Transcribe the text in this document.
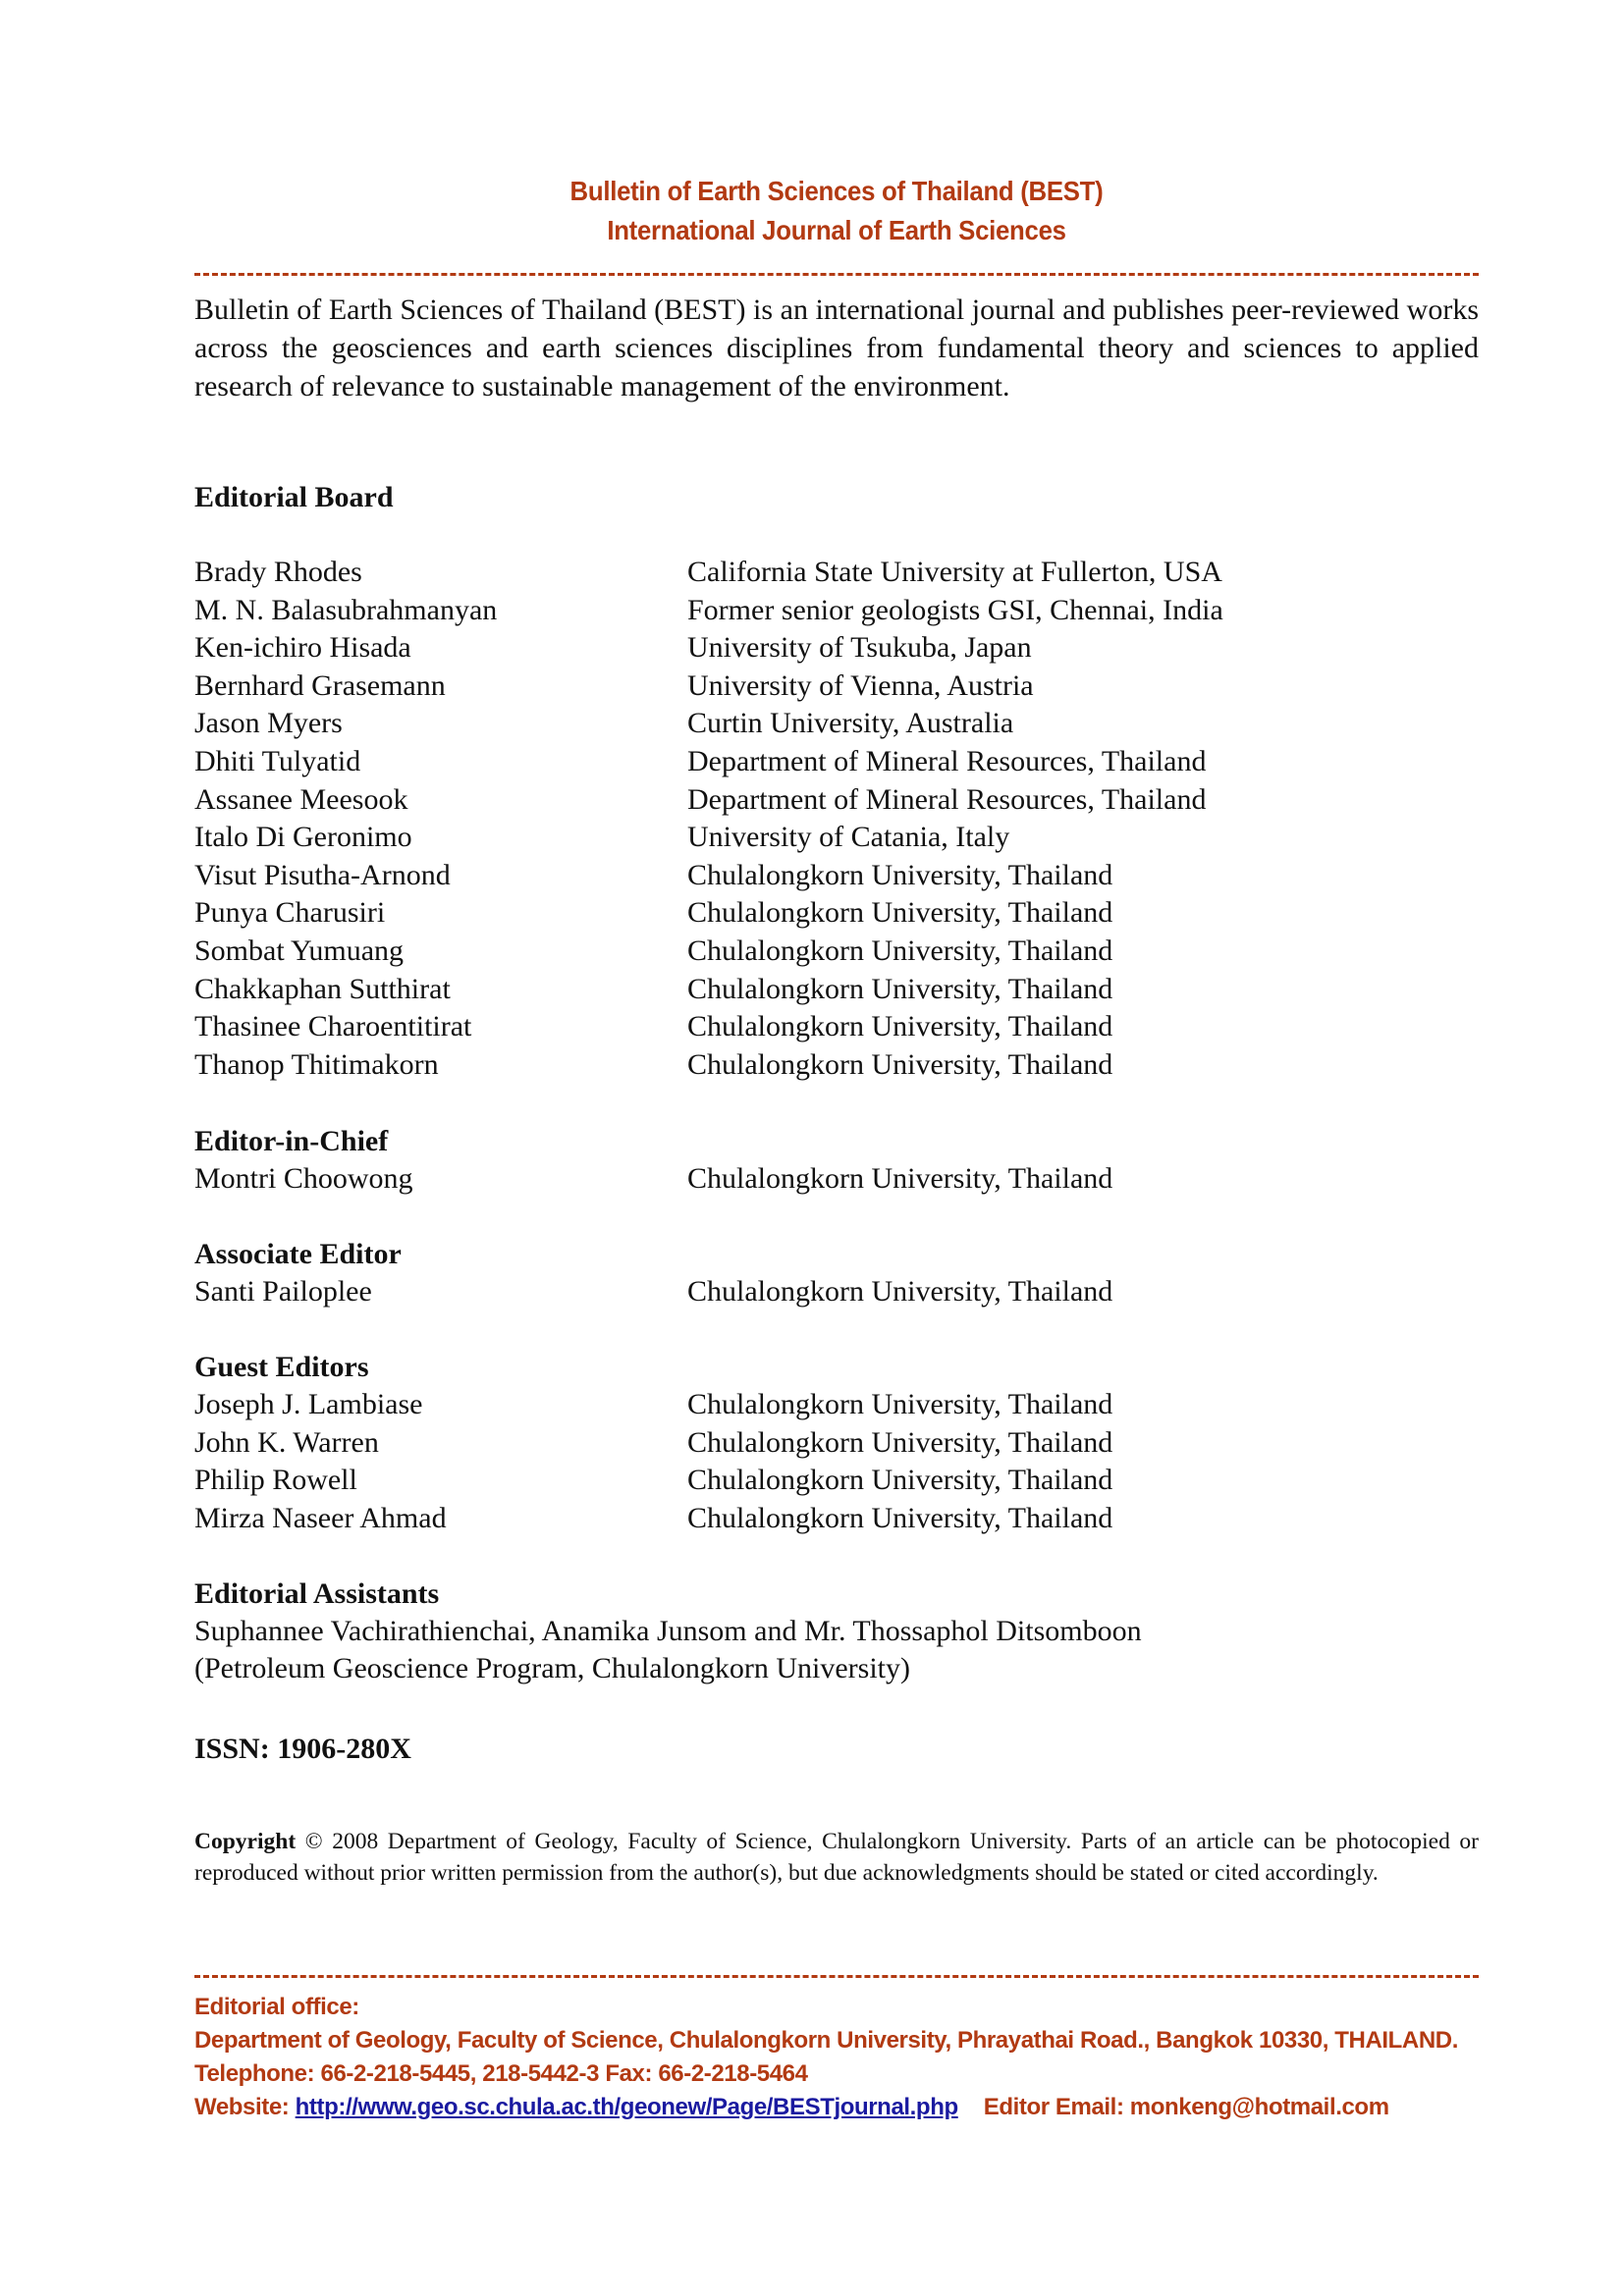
Bulletin of Earth Sciences of Thailand (BEST)
International Journal of Earth Sciences
Bulletin of Earth Sciences of Thailand (BEST) is an international journal and publishes peer-reviewed works across the geosciences and earth sciences disciplines from fundamental theory and sciences to applied research of relevance to sustainable management of the environment.
Editorial Board
Brady Rhodes	California State University at Fullerton, USA
M. N. Balasubrahmanyan	Former senior geologists GSI, Chennai, India
Ken-ichiro Hisada	University of Tsukuba, Japan
Bernhard Grasemann	University of Vienna, Austria
Jason Myers	Curtin University, Australia
Dhiti Tulyatid	Department of Mineral Resources, Thailand
Assanee Meesook	Department of Mineral Resources, Thailand
Italo Di Geronimo	University of Catania, Italy
Visut Pisutha-Arnond	Chulalongkorn University, Thailand
Punya Charusiri	Chulalongkorn University, Thailand
Sombat Yumuang	Chulalongkorn University, Thailand
Chakkaphan Sutthirat	Chulalongkorn University, Thailand
Thasinee Charoentitirat	Chulalongkorn University, Thailand
Thanop Thitimakorn	Chulalongkorn University, Thailand
Editor-in-Chief
Montri Choowong	Chulalongkorn University, Thailand
Associate Editor
Santi Pailoplee	Chulalongkorn University, Thailand
Guest Editors
Joseph J. Lambiase	Chulalongkorn University, Thailand
John K. Warren	Chulalongkorn University, Thailand
Philip Rowell	Chulalongkorn University, Thailand
Mirza Naseer Ahmad	Chulalongkorn University, Thailand
Editorial Assistants
Suphannee Vachirathienchai, Anamika Junsom and Mr. Thossaphol Ditsomboon
(Petroleum Geoscience Program, Chulalongkorn University)
ISSN: 1906-280X
Copyright © 2008 Department of Geology, Faculty of Science, Chulalongkorn University. Parts of an article can be photocopied or reproduced without prior written permission from the author(s), but due acknowledgments should be stated or cited accordingly.
Editorial office:
Department of Geology, Faculty of Science, Chulalongkorn University, Phrayathai Road., Bangkok 10330, THAILAND.
Telephone: 66-2-218-5445, 218-5442-3 Fax: 66-2-218-5464
Website: http://www.geo.sc.chula.ac.th/geonew/Page/BESTjournal.php Editor Email: monkeng@hotmail.com
